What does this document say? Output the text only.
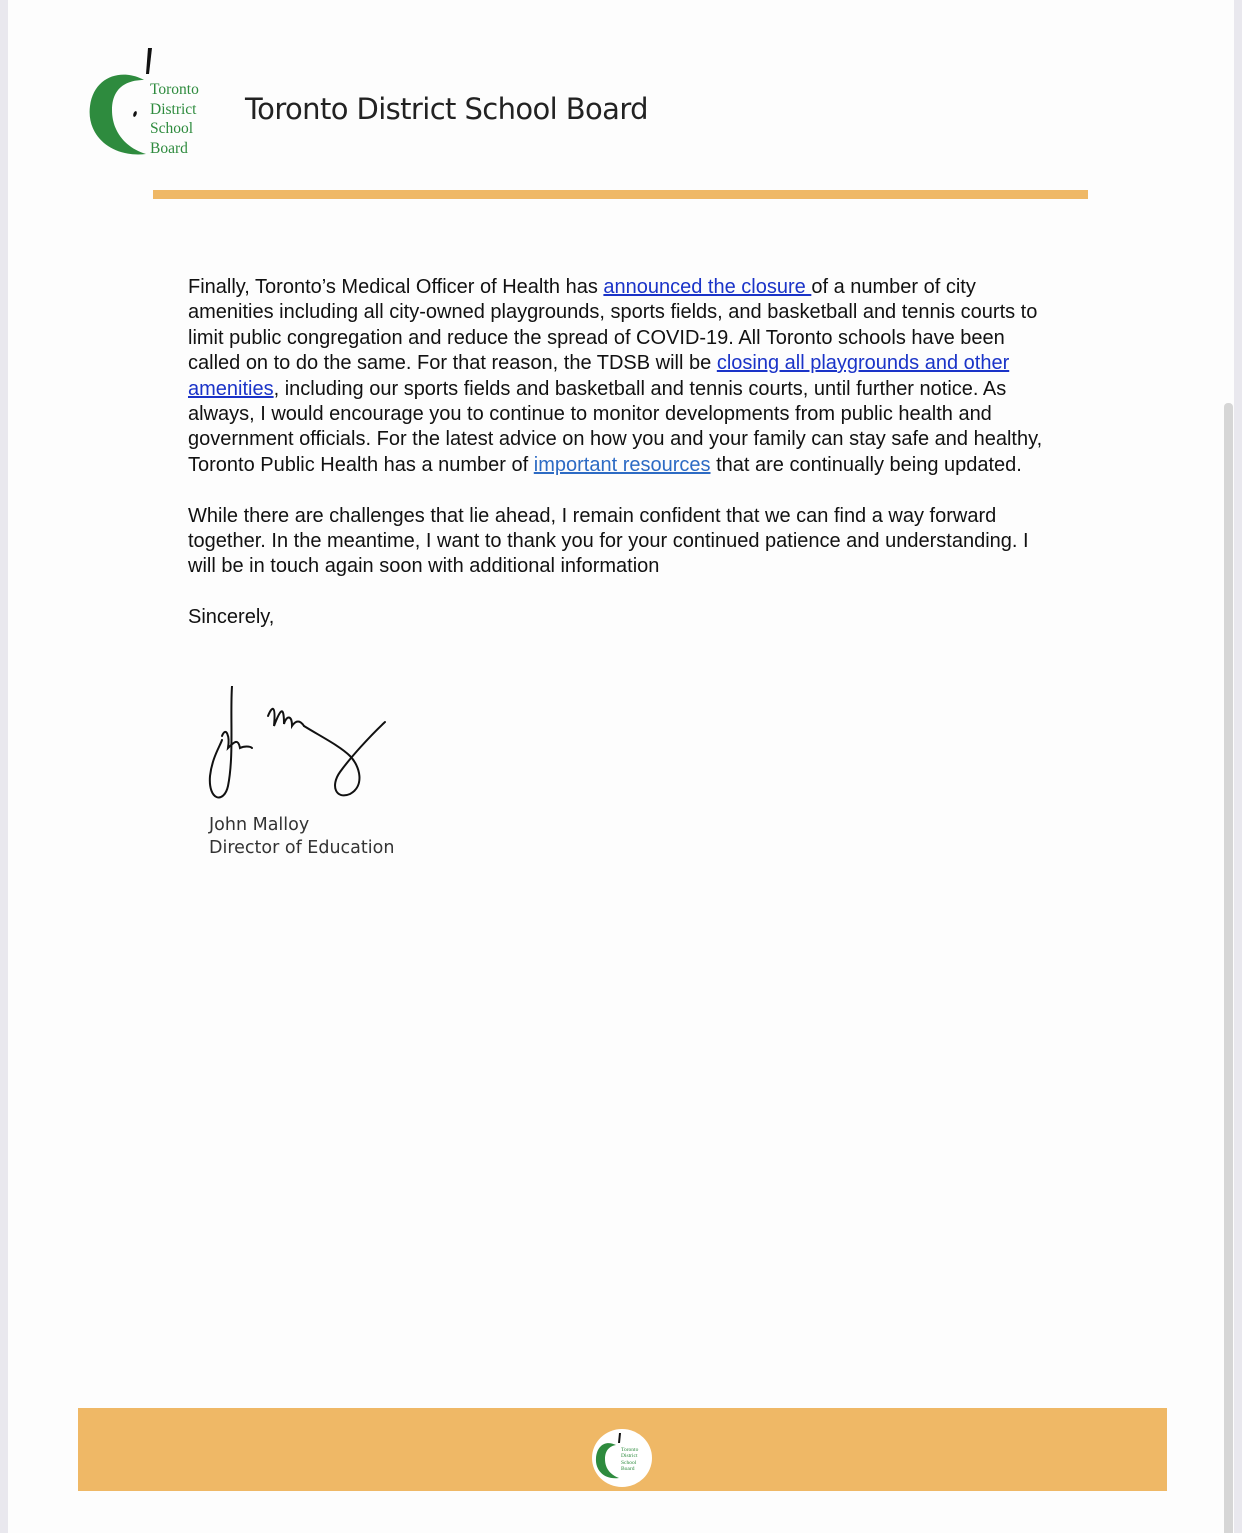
Toronto
District
School
Board
Toronto District School Board

Finally, Toronto’s Medical Officer of Health has announced the closure of a number of city amenities including all city-owned playgrounds, sports fields, and basketball and tennis courts to limit public congregation and reduce the spread of COVID-19. All Toronto schools have been called on to do the same. For that reason, the TDSB will be closing all playgrounds and other amenities, including our sports fields and basketball and tennis courts, until further notice. As always, I would encourage you to continue to monitor developments from public health and government officials. For the latest advice on how you and your family can stay safe and healthy, Toronto Public Health has a number of important resources that are continually being updated.

While there are challenges that lie ahead, I remain confident that we can find a way forward together. In the meantime, I want to thank you for your continued patience and understanding. I will be in touch again soon with additional information

Sincerely,

John Malloy
Director of Education
Toronto
District
School
Board
